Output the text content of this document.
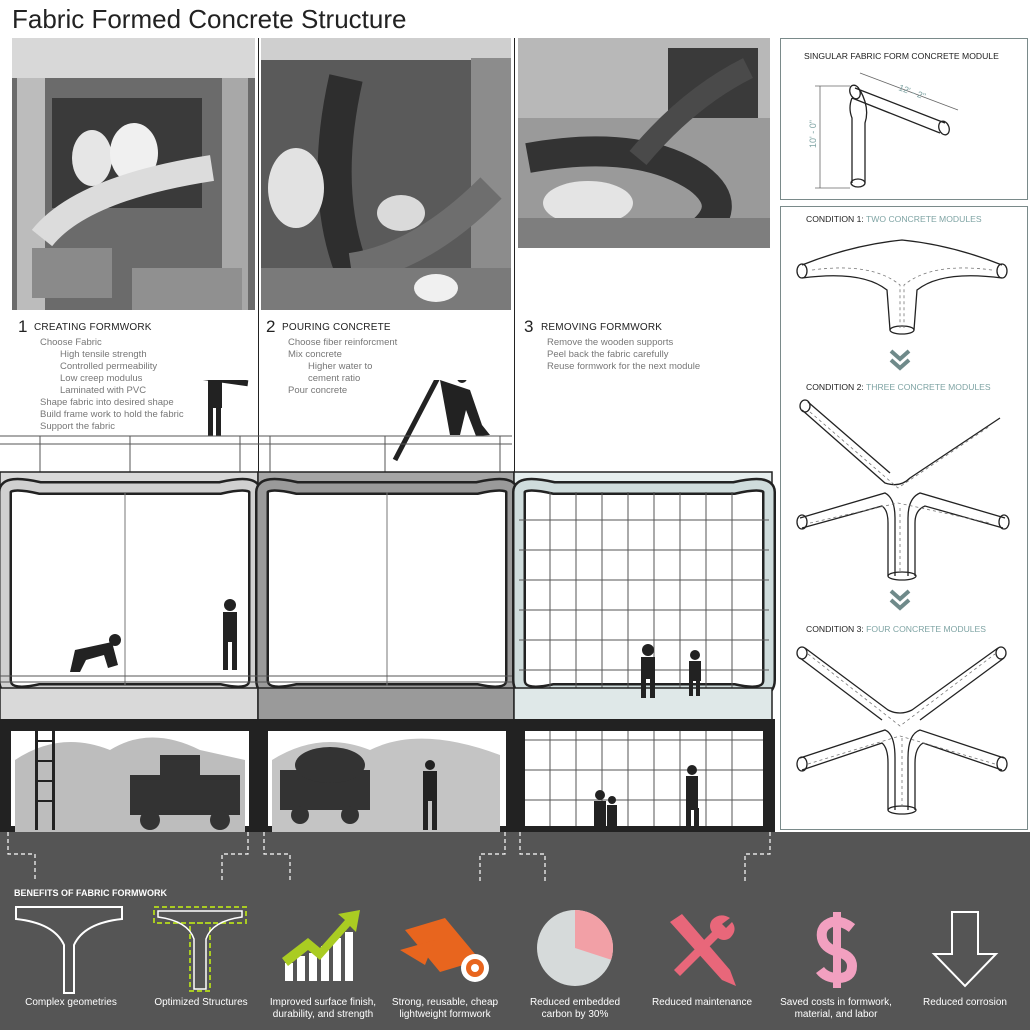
Fabric Formed Concrete Structure
1 CREATING FORMWORK
Choose Fabric
High tensile strength
Controlled permeability
Low creep modulus
Laminated with PVC
Shape fabric into desired shape
Build frame work to hold the fabric
Support the fabric
2 POURING CONCRETE
Choose fiber reinforcment
Mix concrete
Higher water to
cement ratio
Pour concrete
3 REMOVING FORMWORK
Remove the wooden supports
Peel back the fabric carefully
Reuse formwork for the next module
SINGULAR FABRIC FORM CONCRETE MODULE
12' - 2"
10' - 0"
CONDITION 1: TWO CONCRETE MODULES
CONDITION 2: THREE CONCRETE MODULES
CONDITION 3: FOUR CONCRETE MODULES
BENEFITS OF FABRIC FORMWORK
Complex geometries	Optimized Structures	Improved surface finish,
durability, and strength
Strong, reusable, cheap
lightweight formwork
Reduced embedded
carbon by 30%
Reduced maintenance	Saved costs in formwork,
material, and labor
Reduced corrosion
